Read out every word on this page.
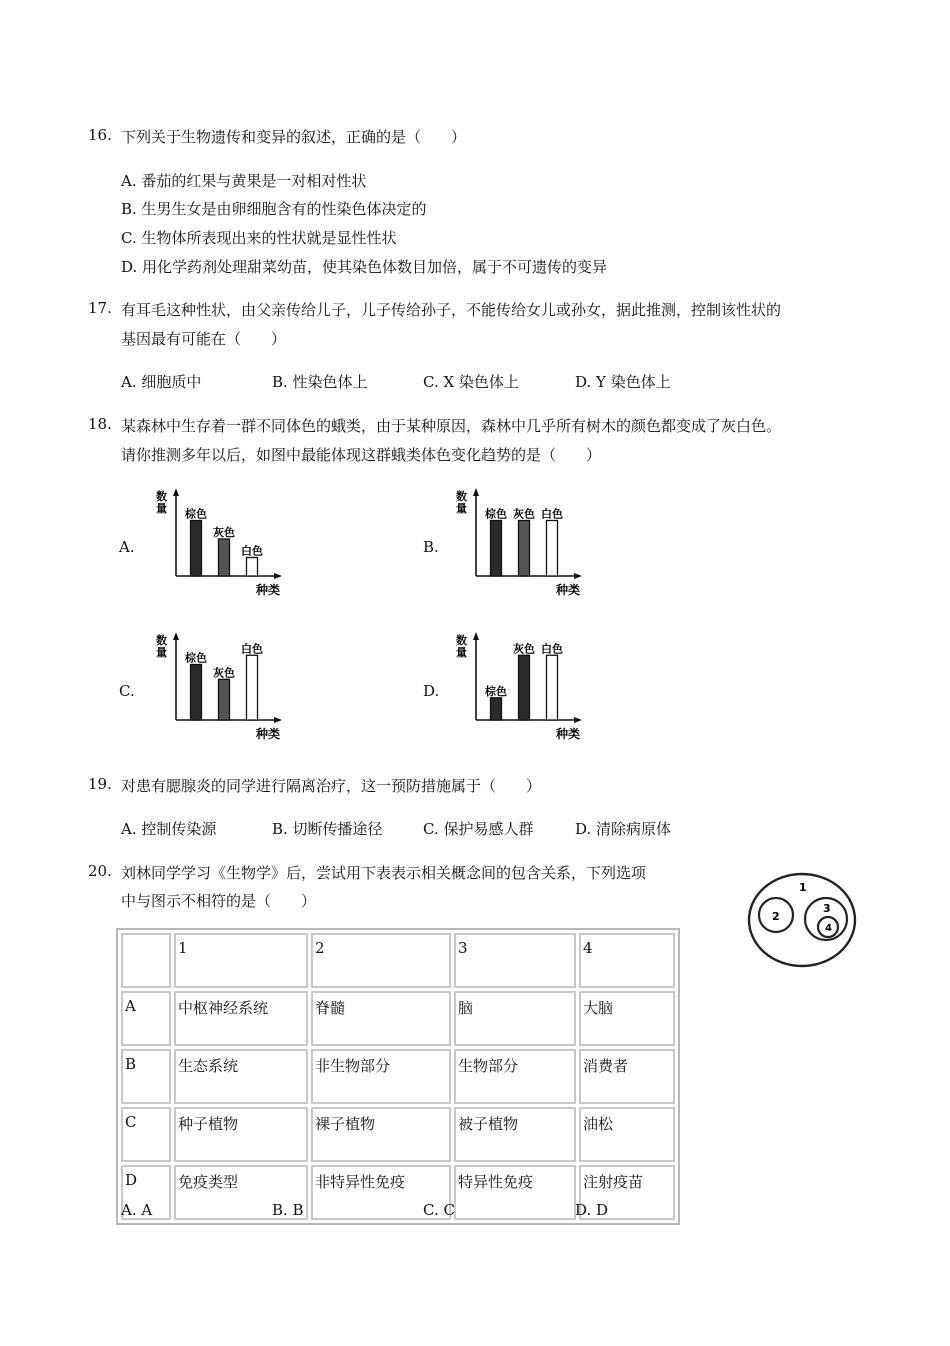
16. 下列关于生物遗传和变异的叙述，正确的是（　　）
A. 番茄的红果与黄果是一对相对性状
B. 生男生女是由卵细胞含有的性染色体决定的
C. 生物体所表现出来的性状就是显性性状
D. 用化学药剂处理甜菜幼苗，使其染色体数目加倍，属于不可遗传的变异
17. 有耳毛这种性状，由父亲传给儿子，儿子传给孙子，不能传给女儿或孙女，据此推测，控制该性状的
基因最有可能在（　　）
A. 细胞质中	B. 性染色体上	C. X 染色体上	D. Y 染色体上
18. 某森林中生存着一群不同体色的蛾类，由于某种原因，森林中几乎所有树木的颜色都变成了灰白色。
请你推测多年以后，如图中最能体现这群蛾类体色变化趋势的是（　　）
A.	B.
C.	D.
数
量
种类
棕色
灰色
白色
数
量
种类
棕色 灰色 白色
数
量
种类
棕色
灰色
白色
数
量
种类
棕色
灰色 白色
19. 对患有腮腺炎的同学进行隔离治疗，这一预防措施属于（　　）
A. 控制传染源	B. 切断传播途径	C. 保护易感人群	D. 清除病原体
20. 刘林同学学习《生物学》后，尝试用下表表示相关概念间的包含关系，下列选项
中与图示不相符的是（　　）
1
2
3
4
	1	2	3	4
A	中枢神经系统	脊髓	脑	大脑
B	生态系统	非生物部分	生物部分	消费者
C	种子植物	裸子植物	被子植物	油松
D	免疫类型	非特异性免疫	特异性免疫	注射疫苗
A. A	B. B	C. C	D. D
